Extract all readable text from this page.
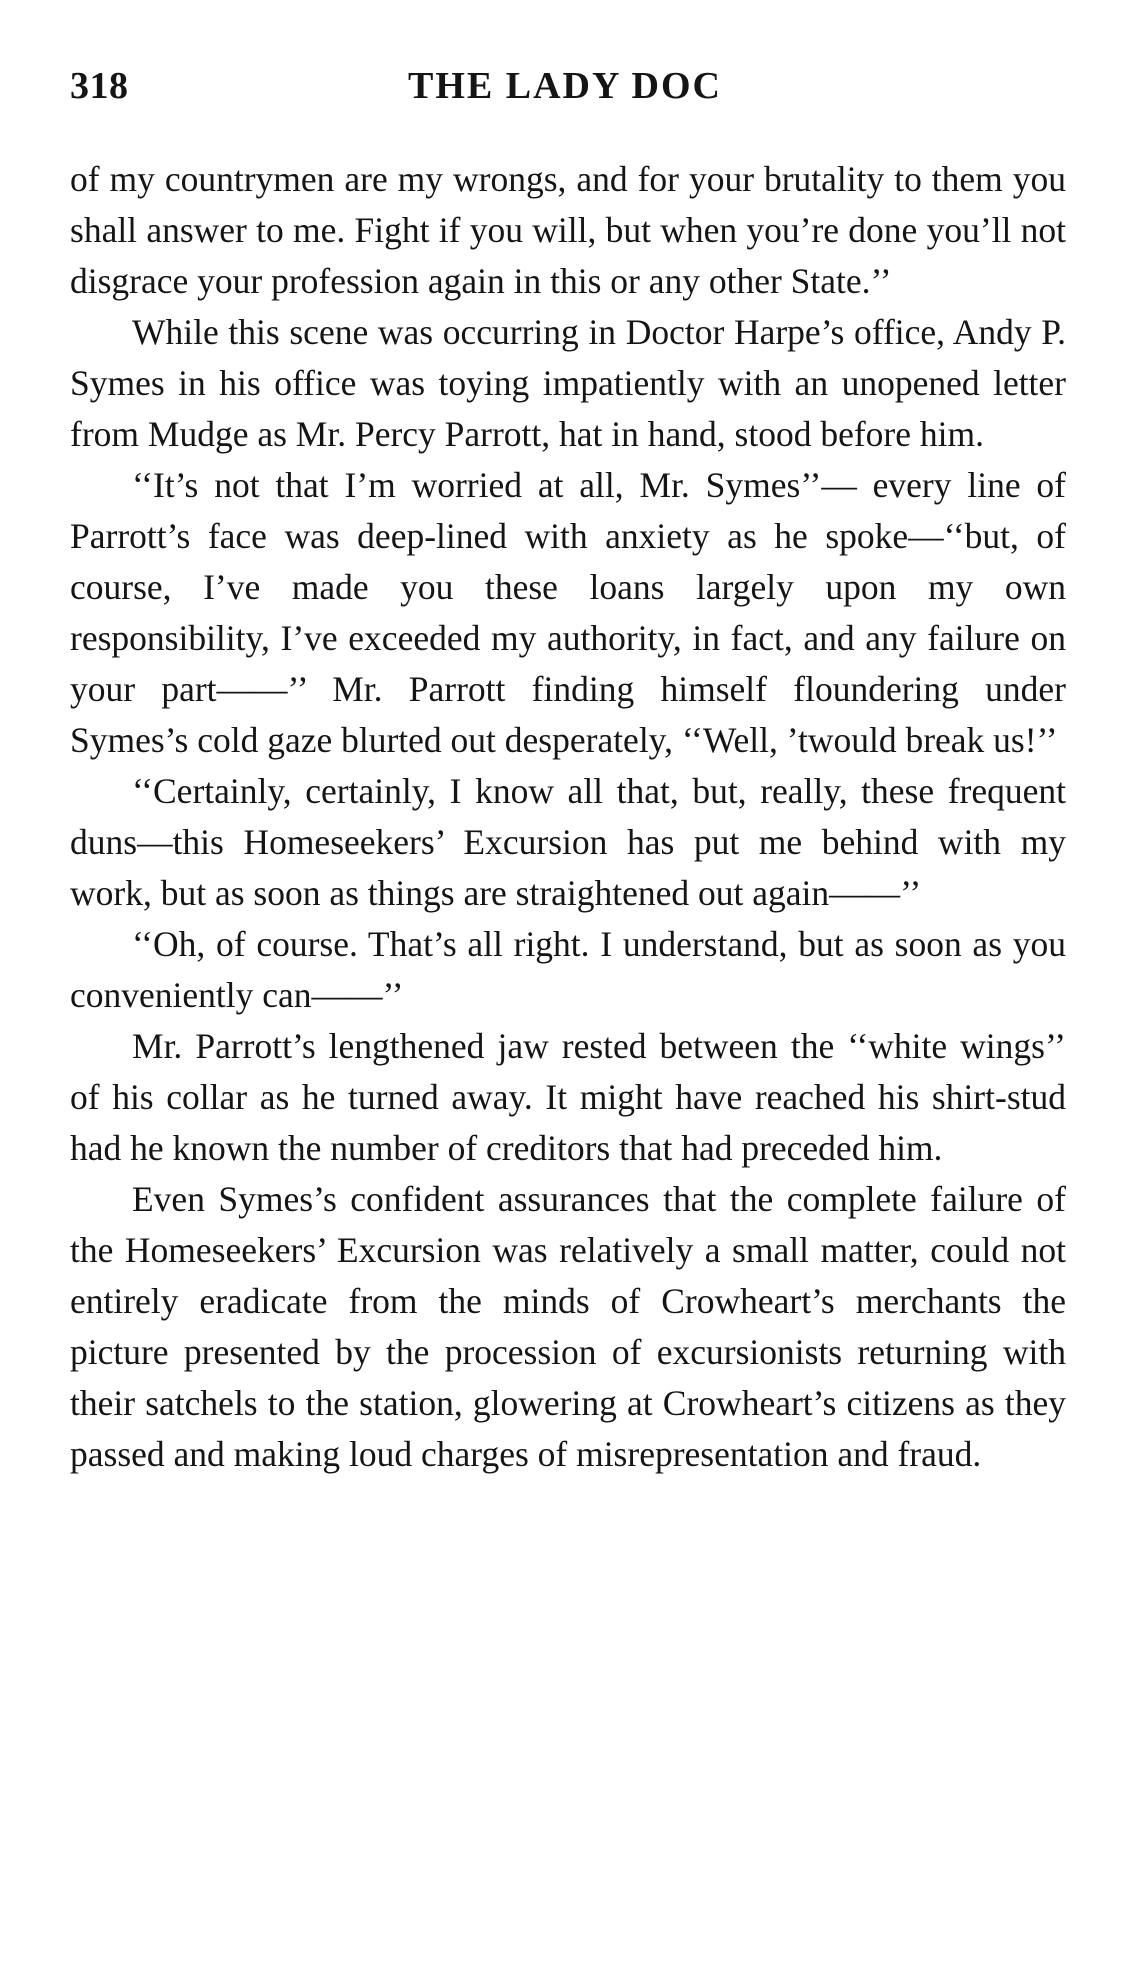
318	THE LADY DOC

of my countrymen are my wrongs, and for your brutality to them you shall answer to me. Fight if you will, but when you’re done you’ll not disgrace your profession again in this or any other State.’’

While this scene was occurring in Doctor Harpe’s office, Andy P. Symes in his office was toying impatiently with an unopened letter from Mudge as Mr. Percy Parrott, hat in hand, stood before him.

‘‘It’s not that I’m worried at all, Mr. Symes’’— every line of Parrott’s face was deep-lined with anxiety as he spoke—‘‘but, of course, I’ve made you these loans largely upon my own responsibility, I’ve exceeded my authority, in fact, and any failure on your part——’’ Mr. Parrott finding himself floundering under Symes’s cold gaze blurted out desperately, ‘‘Well, ’twould break us!’’

‘‘Certainly, certainly, I know all that, but, really, these frequent duns—this Homeseekers’ Excursion has put me behind with my work, but as soon as things are straightened out again——’’

‘‘Oh, of course. That’s all right. I understand, but as soon as you conveniently can——’’

Mr. Parrott’s lengthened jaw rested between the ‘‘white wings’’ of his collar as he turned away. It might have reached his shirt-stud had he known the number of creditors that had preceded him.

Even Symes’s confident assurances that the complete failure of the Homeseekers’ Excursion was relatively a small matter, could not entirely eradicate from the minds of Crowheart’s merchants the picture presented by the procession of excursionists returning with their satchels to the station, glowering at Crowheart’s citizens as they passed and making loud charges of misrepresentation and fraud.
